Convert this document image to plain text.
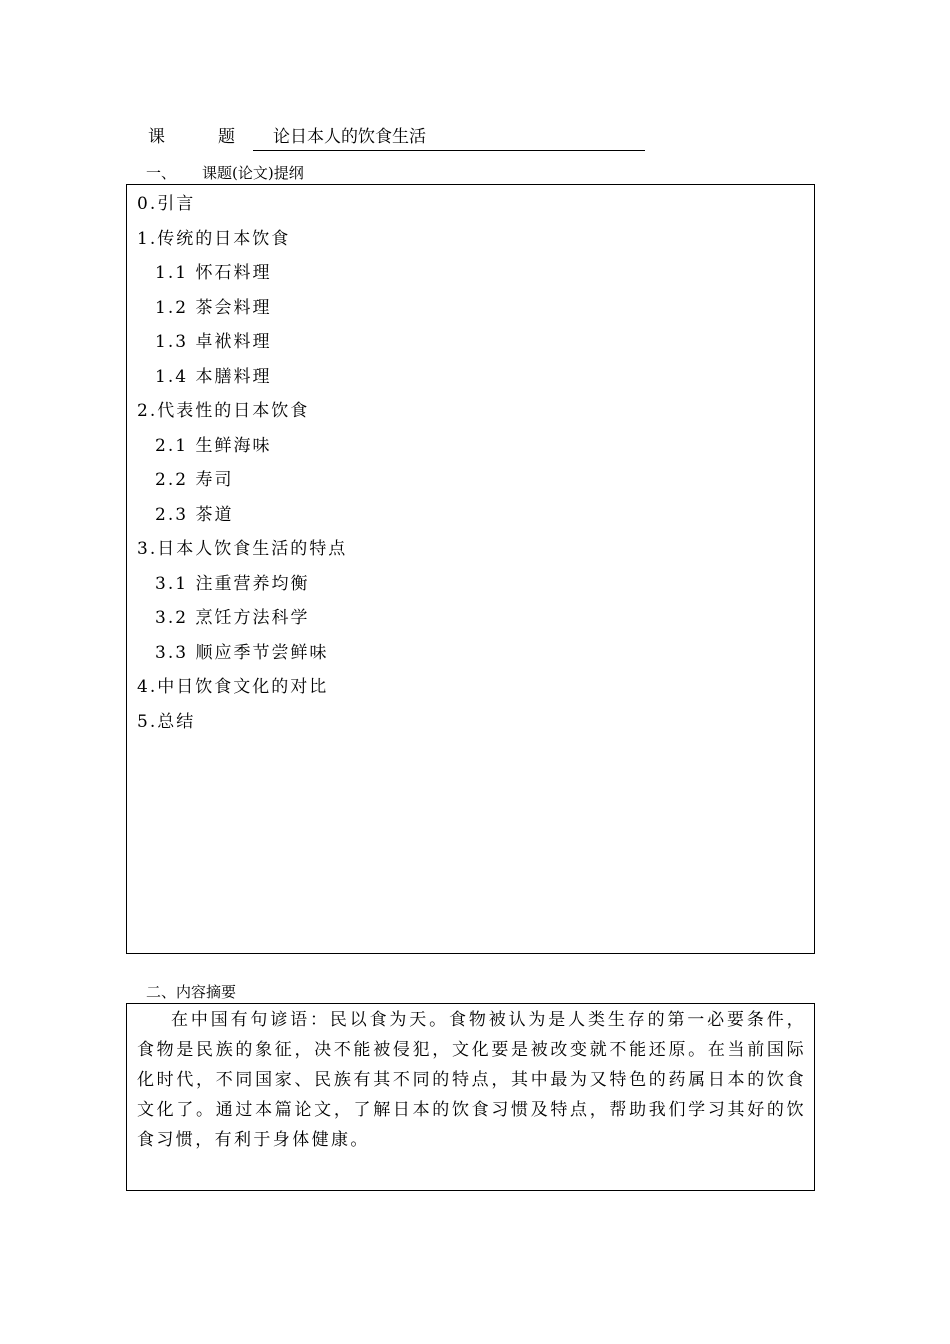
课　题 论日本人的饮食生活
一、 课题(论文)提纲
0.引言
1.传统的日本饮食
1.1 怀石料理
1.2 茶会料理
1.3 卓袱料理
1.4 本膳料理
2.代表性的日本饮食
2.1 生鲜海味
2.2 寿司
2.3 茶道
3.日本人饮食生活的特点
3.1 注重营养均衡
3.2 烹饪方法科学
3.3 顺应季节尝鲜味
4.中日饮食文化的对比
5.总结
二、内容摘要

在中国有句谚语：民以食为天。食物被认为是人类生存的第一必要条件，食物是民族的象征，决不能被侵犯，文化要是被改变就不能还原。在当前国际化时代，不同国家、民族有其不同的特点，其中最为又特色的药属日本的饮食文化了。通过本篇论文，了解日本的饮食习惯及特点，帮助我们学习其好的饮食习惯，有利于身体健康。
